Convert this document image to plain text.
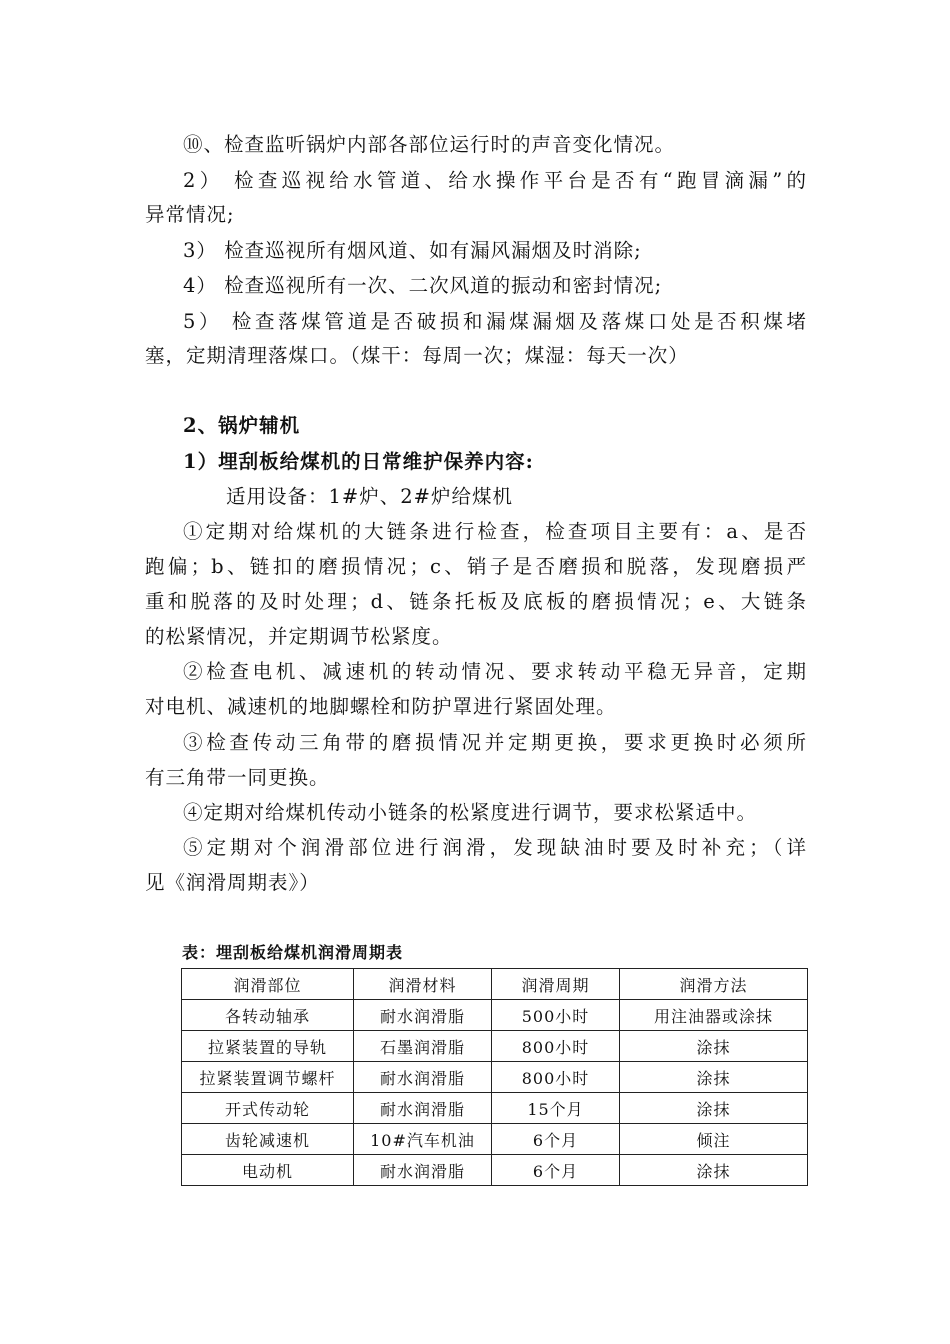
⑩、检查监听锅炉内部各部位运行时的声音变化情况。
2） 检查巡视给水管道、给水操作平台是否有“跑冒滴漏”的
异常情况;
3） 检查巡视所有烟风道、如有漏风漏烟及时消除;
4） 检查巡视所有一次、二次风道的振动和密封情况;
5） 检查落煤管道是否破损和漏煤漏烟及落煤口处是否积煤堵
塞，定期清理落煤口。（煤干：每周一次；煤湿：每天一次）
2、锅炉辅机
1）埋刮板给煤机的日常维护保养内容:
适用设备：1#炉、2#炉给煤机
①定期对给煤机的大链条进行检查，检查项目主要有：a、是否
跑偏；b、链扣的磨损情况；c、销子是否磨损和脱落，发现磨损严
重和脱落的及时处理；d、链条托板及底板的磨损情况；e、大链条
的松紧情况，并定期调节松紧度。
②检查电机、减速机的转动情况、要求转动平稳无异音，定期
对电机、减速机的地脚螺栓和防护罩进行紧固处理。
③检查传动三角带的磨损情况并定期更换，要求更换时必须所
有三角带一同更换。
④定期对给煤机传动小链条的松紧度进行调节，要求松紧适中。
⑤定期对个润滑部位进行润滑，发现缺油时要及时补充；（详
见《润滑周期表》）
表：埋刮板给煤机润滑周期表
润滑部位	润滑材料	润滑周期	润滑方法
各转动轴承	耐水润滑脂	500小时	用注油器或涂抹
拉紧装置的导轨	石墨润滑脂	800小时	涂抹
拉紧装置调节螺杆	耐水润滑脂	800小时	涂抹
开式传动轮	耐水润滑脂	15个月	涂抹
齿轮减速机	10#汽车机油	6个月	倾注
电动机	耐水润滑脂	6个月	涂抹
